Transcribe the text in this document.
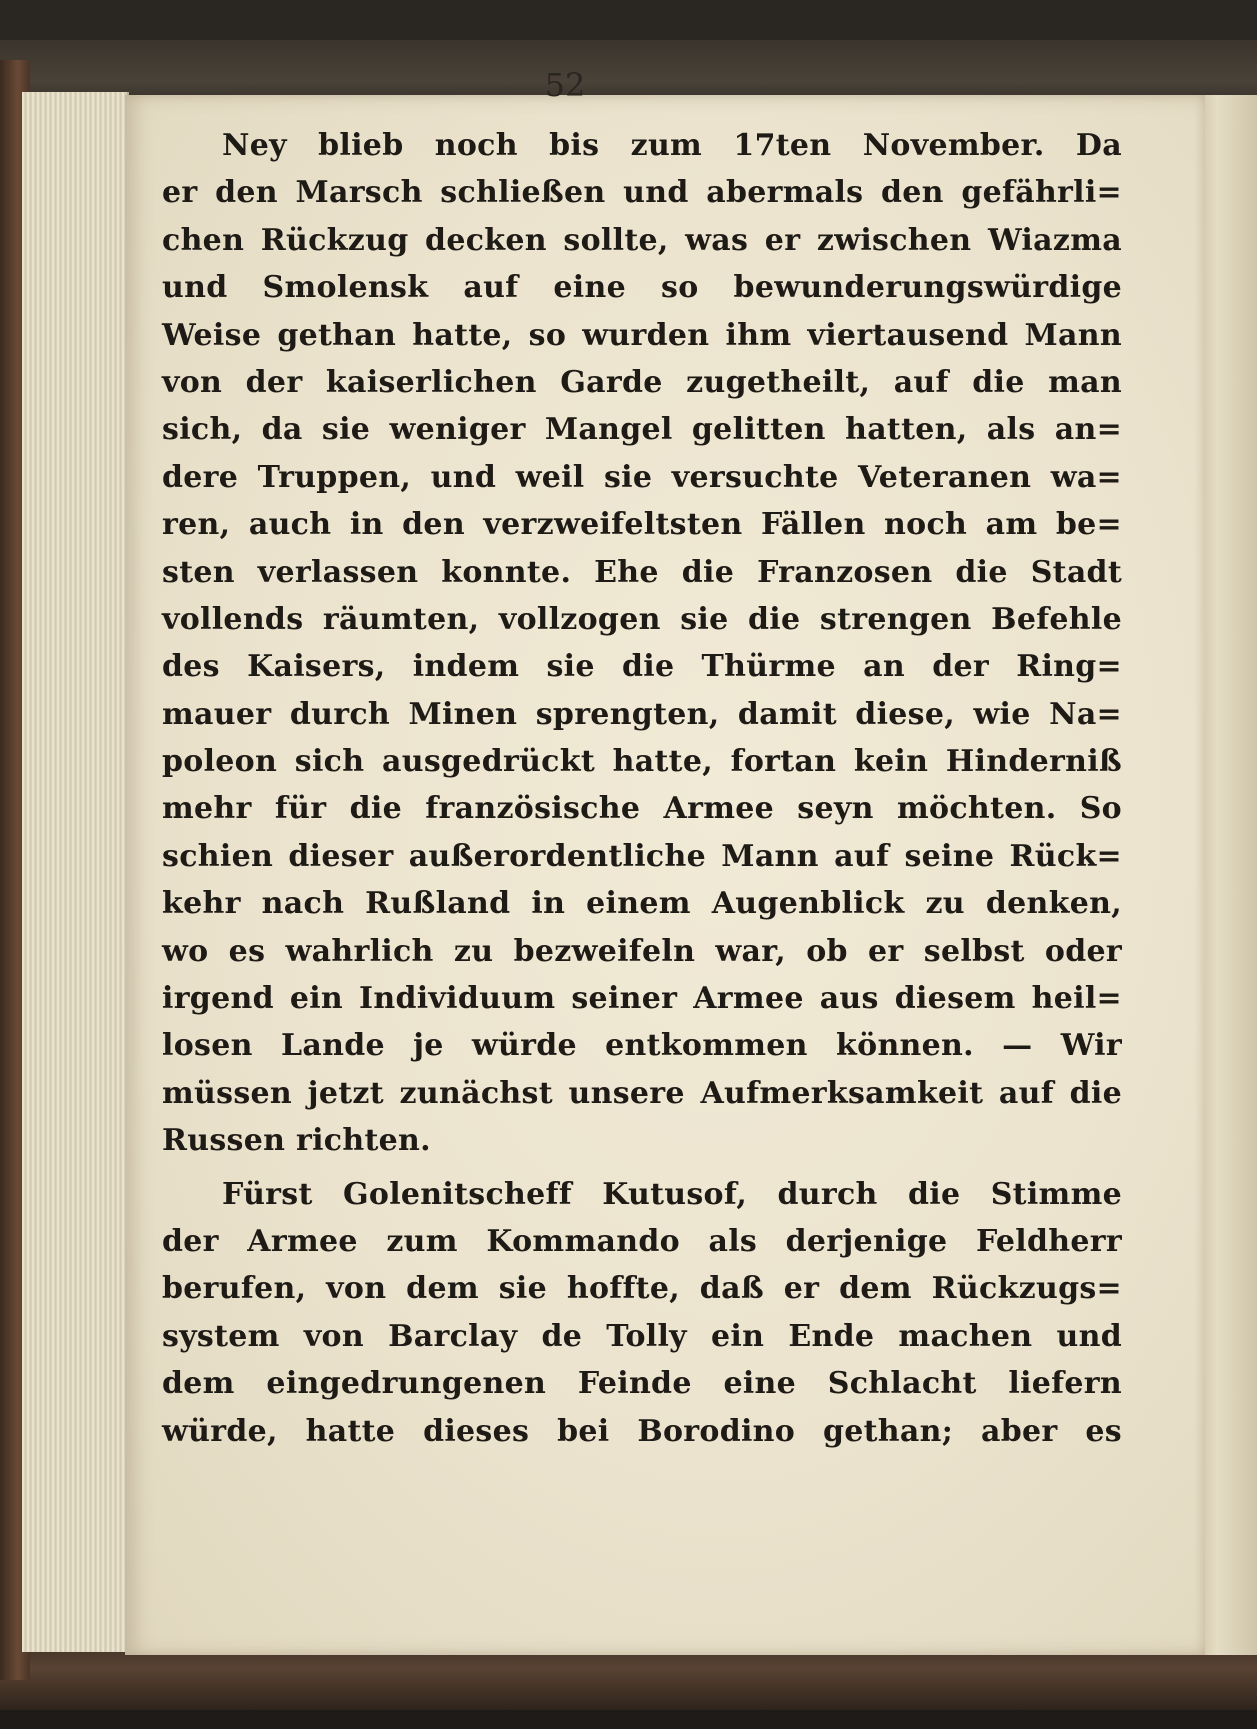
52
Ney blieb noch bis zum 17ten November. Da
er den Marsch schließen und abermals den gefährli=
chen Rückzug decken sollte, was er zwischen Wiazma
und Smolensk auf eine so bewunderungswürdige
Weise gethan hatte, so wurden ihm viertausend Mann
von der kaiserlichen Garde zugetheilt, auf die man
sich, da sie weniger Mangel gelitten hatten, als an=
dere Truppen, und weil sie versuchte Veteranen wa=
ren, auch in den verzweifeltsten Fällen noch am be=
sten verlassen konnte. Ehe die Franzosen die Stadt
vollends räumten, vollzogen sie die strengen Befehle
des Kaisers, indem sie die Thürme an der Ring=
mauer durch Minen sprengten, damit diese, wie Na=
poleon sich ausgedrückt hatte, fortan kein Hinderniß
mehr für die französische Armee seyn möchten. So
schien dieser außerordentliche Mann auf seine Rück=
kehr nach Rußland in einem Augenblick zu denken,
wo es wahrlich zu bezweifeln war, ob er selbst oder
irgend ein Individuum seiner Armee aus diesem heil=
losen Lande je würde entkommen können. — Wir
müssen jetzt zunächst unsere Aufmerksamkeit auf die
Russen richten.
Fürst Golenitscheff Kutusof, durch die Stimme
der Armee zum Kommando als derjenige Feldherr
berufen, von dem sie hoffte, daß er dem Rückzugs=
system von Barclay de Tolly ein Ende machen und
dem eingedrungenen Feinde eine Schlacht liefern
würde, hatte dieses bei Borodino gethan; aber es
